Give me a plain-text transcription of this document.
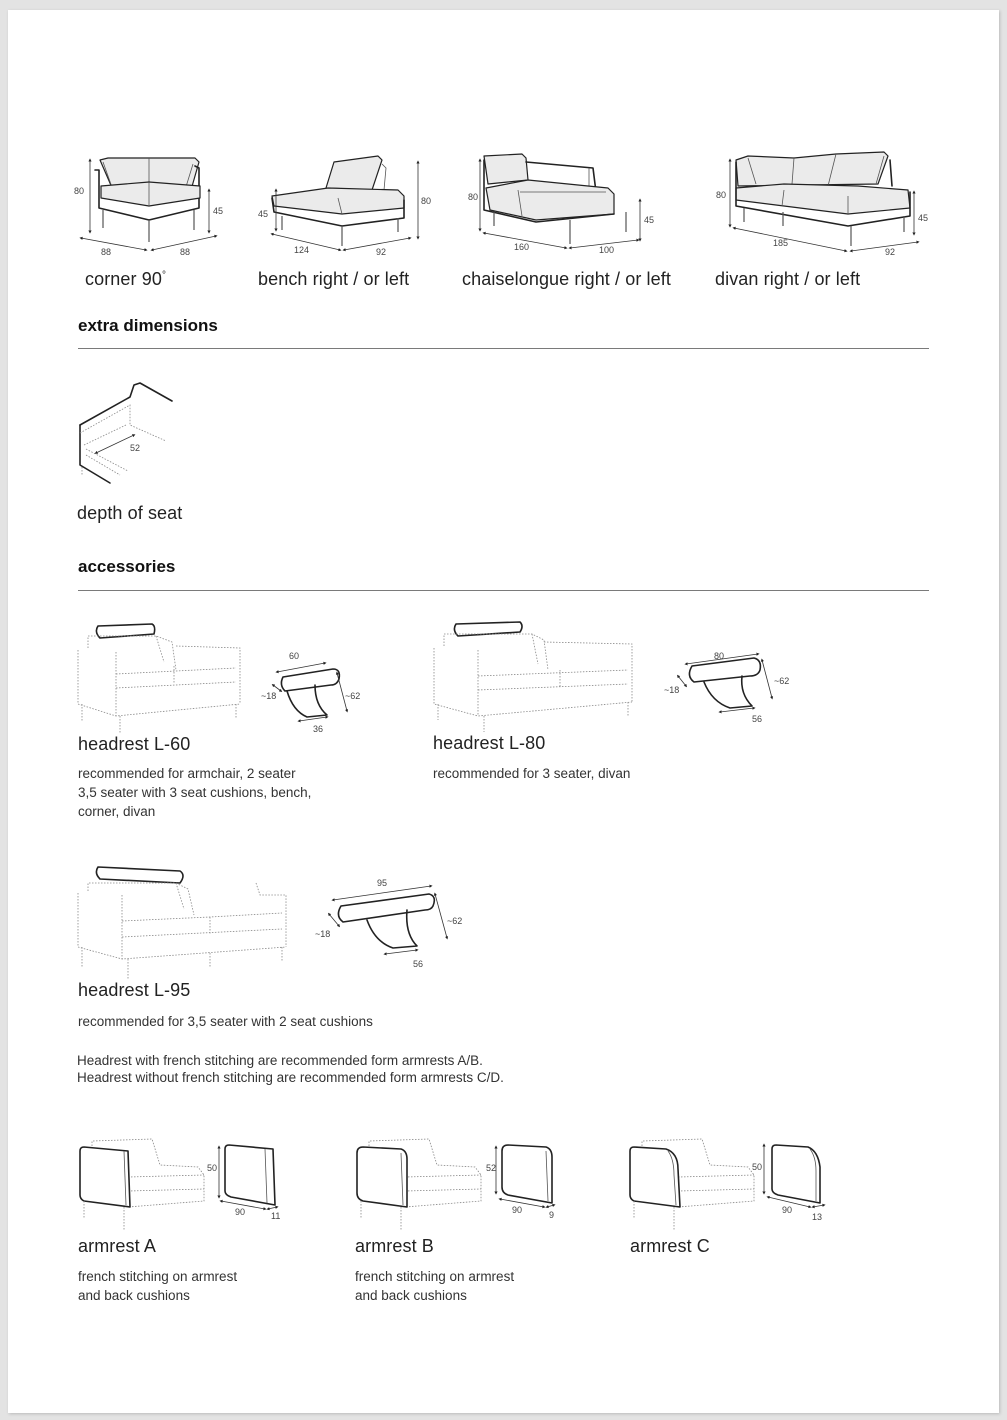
80
45
88	88
corner 90°
45
80
124	92
bench right / or left
80
45
160	100
chaiselongue right / or left
80
45
185
92
divan right / or left
extra dimensions
52
depth of seat
accessories
60
~62
~18
36
headrest L-60
recommended for armchair, 2 seater
3,5 seater with 3 seat cushions, bench,
corner, divan
80
~62
~18
56
headrest L-80
recommended for 3 seater, divan
95
~62
~18
56
headrest L-95
recommended for 3,5 seater with 2 seat cushions
Headrest with french stitching are recommended form armrests A/B.
Headrest without french stitching are recommended form armrests C/D.
50
90	11
armrest A
french stitching on armrest
and back cushions
52
90	9
armrest B
french stitching on armrest
and back cushions
50
90
13
armrest C
